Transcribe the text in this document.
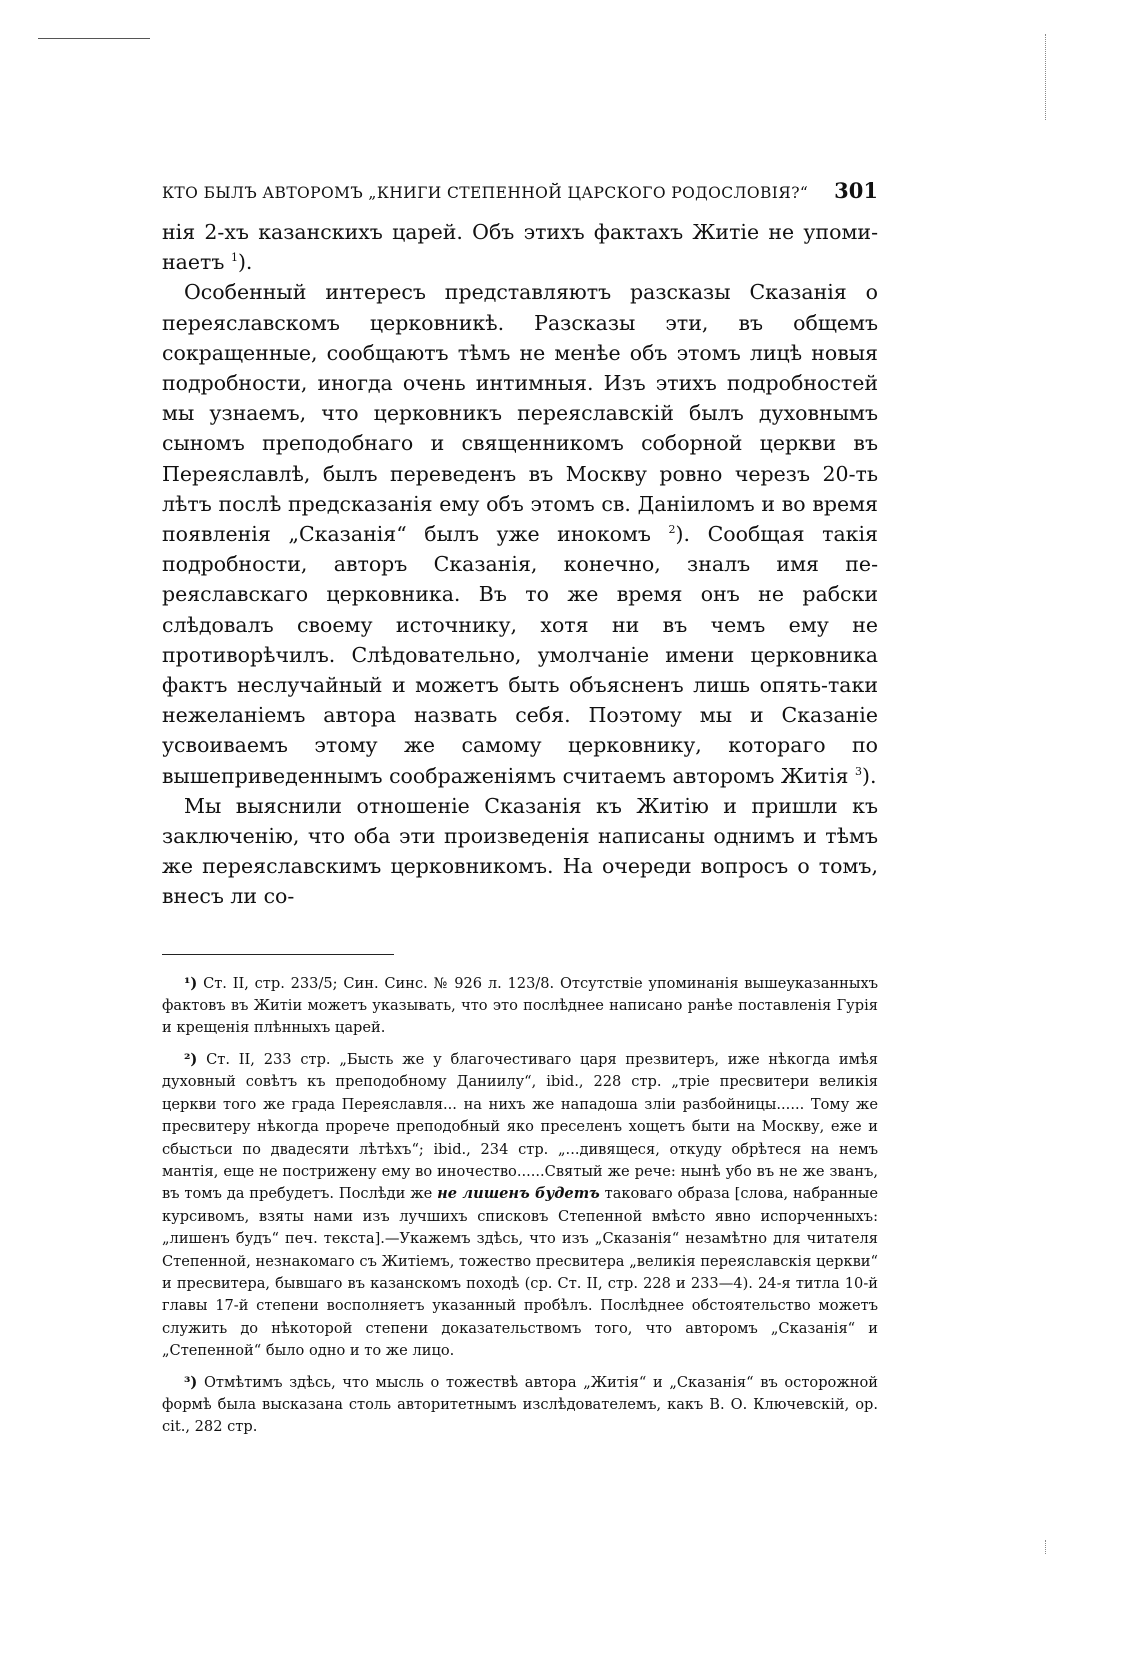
КТО БЫЛЪ АВТОРОМЪ „КНИГИ СТЕПЕННОЙ ЦАРСКОГО РОДОСЛОВІЯ?“ 301

нія 2-хъ казанскихъ царей. Объ этихъ фактахъ Житіе не упоминаетъ $^1$).

Особенный интересъ представляютъ разсказы Сказанія о переяславскомъ церковникѣ. Разсказы эти, въ общемъ сокращенные, сообщаютъ тѣмъ не менѣе объ этомъ лицѣ новыя подробности, иногда очень интимныя. Изъ этихъ подробностей мы узнаемъ, что церковникъ переяславскій былъ духовнымъ сыномъ преподобнаго и священникомъ соборной церкви въ Переяславлѣ, былъ переведенъ въ Москву ровно черезъ 20-ть лѣтъ послѣ предсказанія ему объ этомъ св. Даніиломъ и во время появленія „Сказанія“ былъ уже инокомъ $^2$). Сообщая такія подробности, авторъ Сказанія, конечно, зналъ имя переяславскаго церковника. Въ то же время онъ не рабски слѣдовалъ своему источнику, хотя ни въ чемъ ему не противорѣчилъ. Слѣдовательно, умолчаніе имени церковника фактъ неслучайный и можетъ быть объясненъ лишь опять-таки нежеланіемъ автора назвать себя. Поэтому мы и Сказаніе усвоиваемъ этому же самому церковнику, котораго по вышеприведеннымъ соображеніямъ считаемъ авторомъ Житія $^3$).

Мы выяснили отношеніе Сказанія къ Житію и пришли къ заключенію, что оба эти произведенія написаны однимъ и тѣмъ же переяславскимъ церковникомъ. На очереди вопросъ о томъ, внесъ ли со-

¹) Ст. II, стр. 233/5; Син. Синс. № 926 л. 123/8. Отсутствіе упоминанія вышеуказанныхъ фактовъ въ Житіи можетъ указывать, что это послѣднее написано ранѣе поставленія Гурія и крещенія плѣнныхъ царей.

²) Ст. II, 233 стр. „Бысть же у благочестиваго царя презвитеръ, иже нѣкогда имѣя духовный совѣтъ къ преподобному Даниилу“, ibid., 228 стр. „тріе пресвитери великія церкви того же града Переяславля... на нихъ же нападоша зліи разбойницы...... Тому же пресвитеру нѣкогда прорече преподобный яко преселенъ хощетъ быти на Москву, еже и сбыстьси по двадесяти лѣтѣхъ“; ibid., 234 стр. „...дивящеся, откуду обрѣтеся на немъ мантія, еще не пострижену ему во иночество......Святый же рече: нынѣ убо въ не же званъ, въ томъ да пребудетъ. Послѣди же не лишенъ будетъ таковаго образа [слова, набранные курсивомъ, взяты нами изъ лучшихъ списковъ Степенной вмѣсто явно испорченныхъ: „лишенъ будъ“ печ. текста].—Укажемъ здѣсь, что изъ „Сказанія“ незамѣтно для читателя Степенной, незнакомаго съ Житіемъ, тожество пресвитера „великія переяславскія церкви“ и пресвитера, бывшаго въ казанскомъ походѣ (ср. Ст. II, стр. 228 и 233—4). 24-я титла 10-й главы 17-й степени восполняетъ указанный пробѣлъ. Послѣднее обстоятельство можетъ служить до нѣкоторой степени доказательствомъ того, что авторомъ „Сказанія“ и „Степенной“ было одно и то же лицо.

³) Отмѣтимъ здѣсь, что мысль о тожествѣ автора „Житія“ и „Сказанія“ въ осторожной формѣ была высказана столь авторитетнымъ изслѣдователемъ, какъ В. О. Ключевскій, op. cit., 282 стр.
